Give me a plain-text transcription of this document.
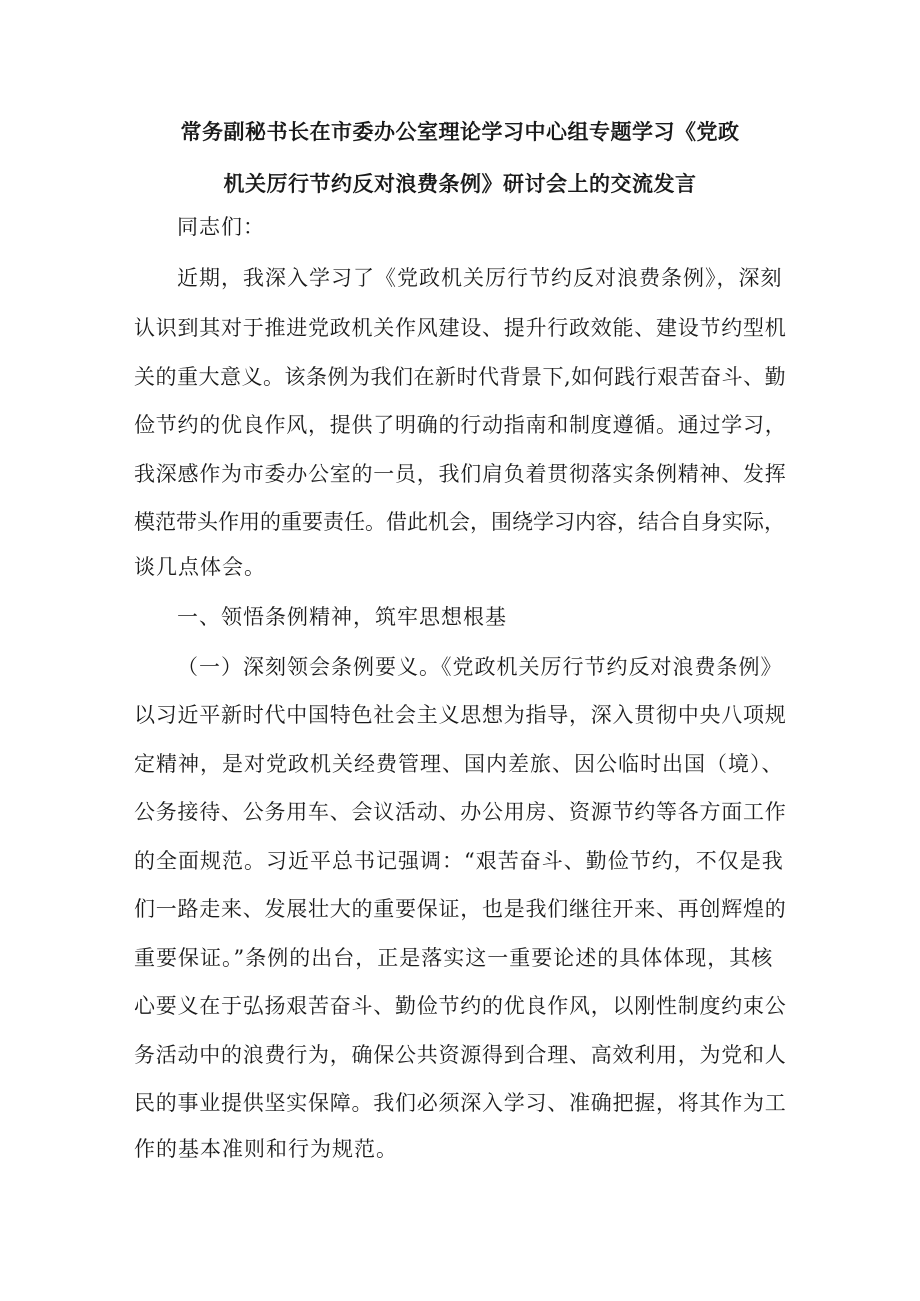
常务副秘书长在市委办公室理论学习中心组专题学习《党政
机关厉行节约反对浪费条例》研讨会上的交流发言
同志们：
近期，我深入学习了《党政机关厉行节约反对浪费条例》，深刻
认识到其对于推进党政机关作风建设、提升行政效能、建设节约型机
关的重大意义。该条例为我们在新时代背景下,如何践行艰苦奋斗、勤
俭节约的优良作风，提供了明确的行动指南和制度遵循。通过学习，
我深感作为市委办公室的一员，我们肩负着贯彻落实条例精神、发挥
模范带头作用的重要责任。借此机会，围绕学习内容，结合自身实际，
谈几点体会。
一、领悟条例精神，筑牢思想根基
（一）深刻领会条例要义。《党政机关厉行节约反对浪费条例》
以习近平新时代中国特色社会主义思想为指导，深入贯彻中央八项规
定精神，是对党政机关经费管理、国内差旅、因公临时出国（境）、
公务接待、公务用车、会议活动、办公用房、资源节约等各方面工作
的全面规范。习近平总书记强调：“艰苦奋斗、勤俭节约，不仅是我
们一路走来、发展壮大的重要保证，也是我们继往开来、再创辉煌的
重要保证。”条例的出台，正是落实这一重要论述的具体体现，其核
心要义在于弘扬艰苦奋斗、勤俭节约的优良作风，以刚性制度约束公
务活动中的浪费行为，确保公共资源得到合理、高效利用，为党和人
民的事业提供坚实保障。我们必须深入学习、准确把握，将其作为工
作的基本准则和行为规范。
